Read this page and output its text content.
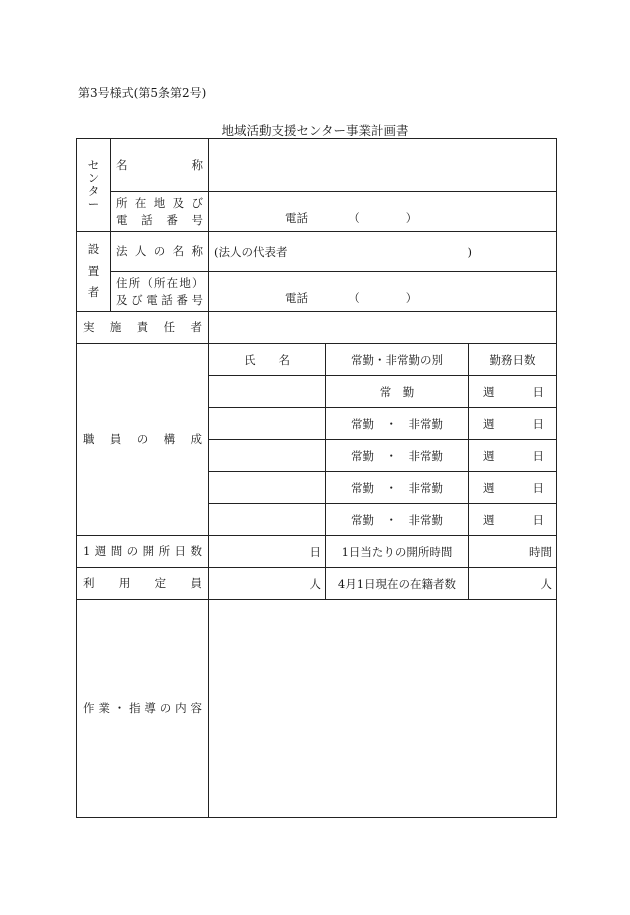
第3号様式(第5条第2号)
地域活動支援センター事業計画書
センター	名　　　称			

	所在地及び
電話番号	電話　　　　（　　　　）		
設置者	法人の名称	(法人の代表者 )		

	住所（所在地）
及び電話番号	電話　　　　（　　　　）		

実施責任者				

職員の構成		氏　　名	常勤・非常勤の別	勤務日数
			常　勤	週　　 日
			常勤　・　非常勤	週　　 日
			常勤　・　非常勤	週　　 日
			常勤　・　非常勤	週　　 日
			常勤　・　非常勤	週　　 日

1週間の開所日数		日	1日当たりの開所時間	時間

利用定員		人	4月1日現在の在籍者数	人

作業・指導の内容				
